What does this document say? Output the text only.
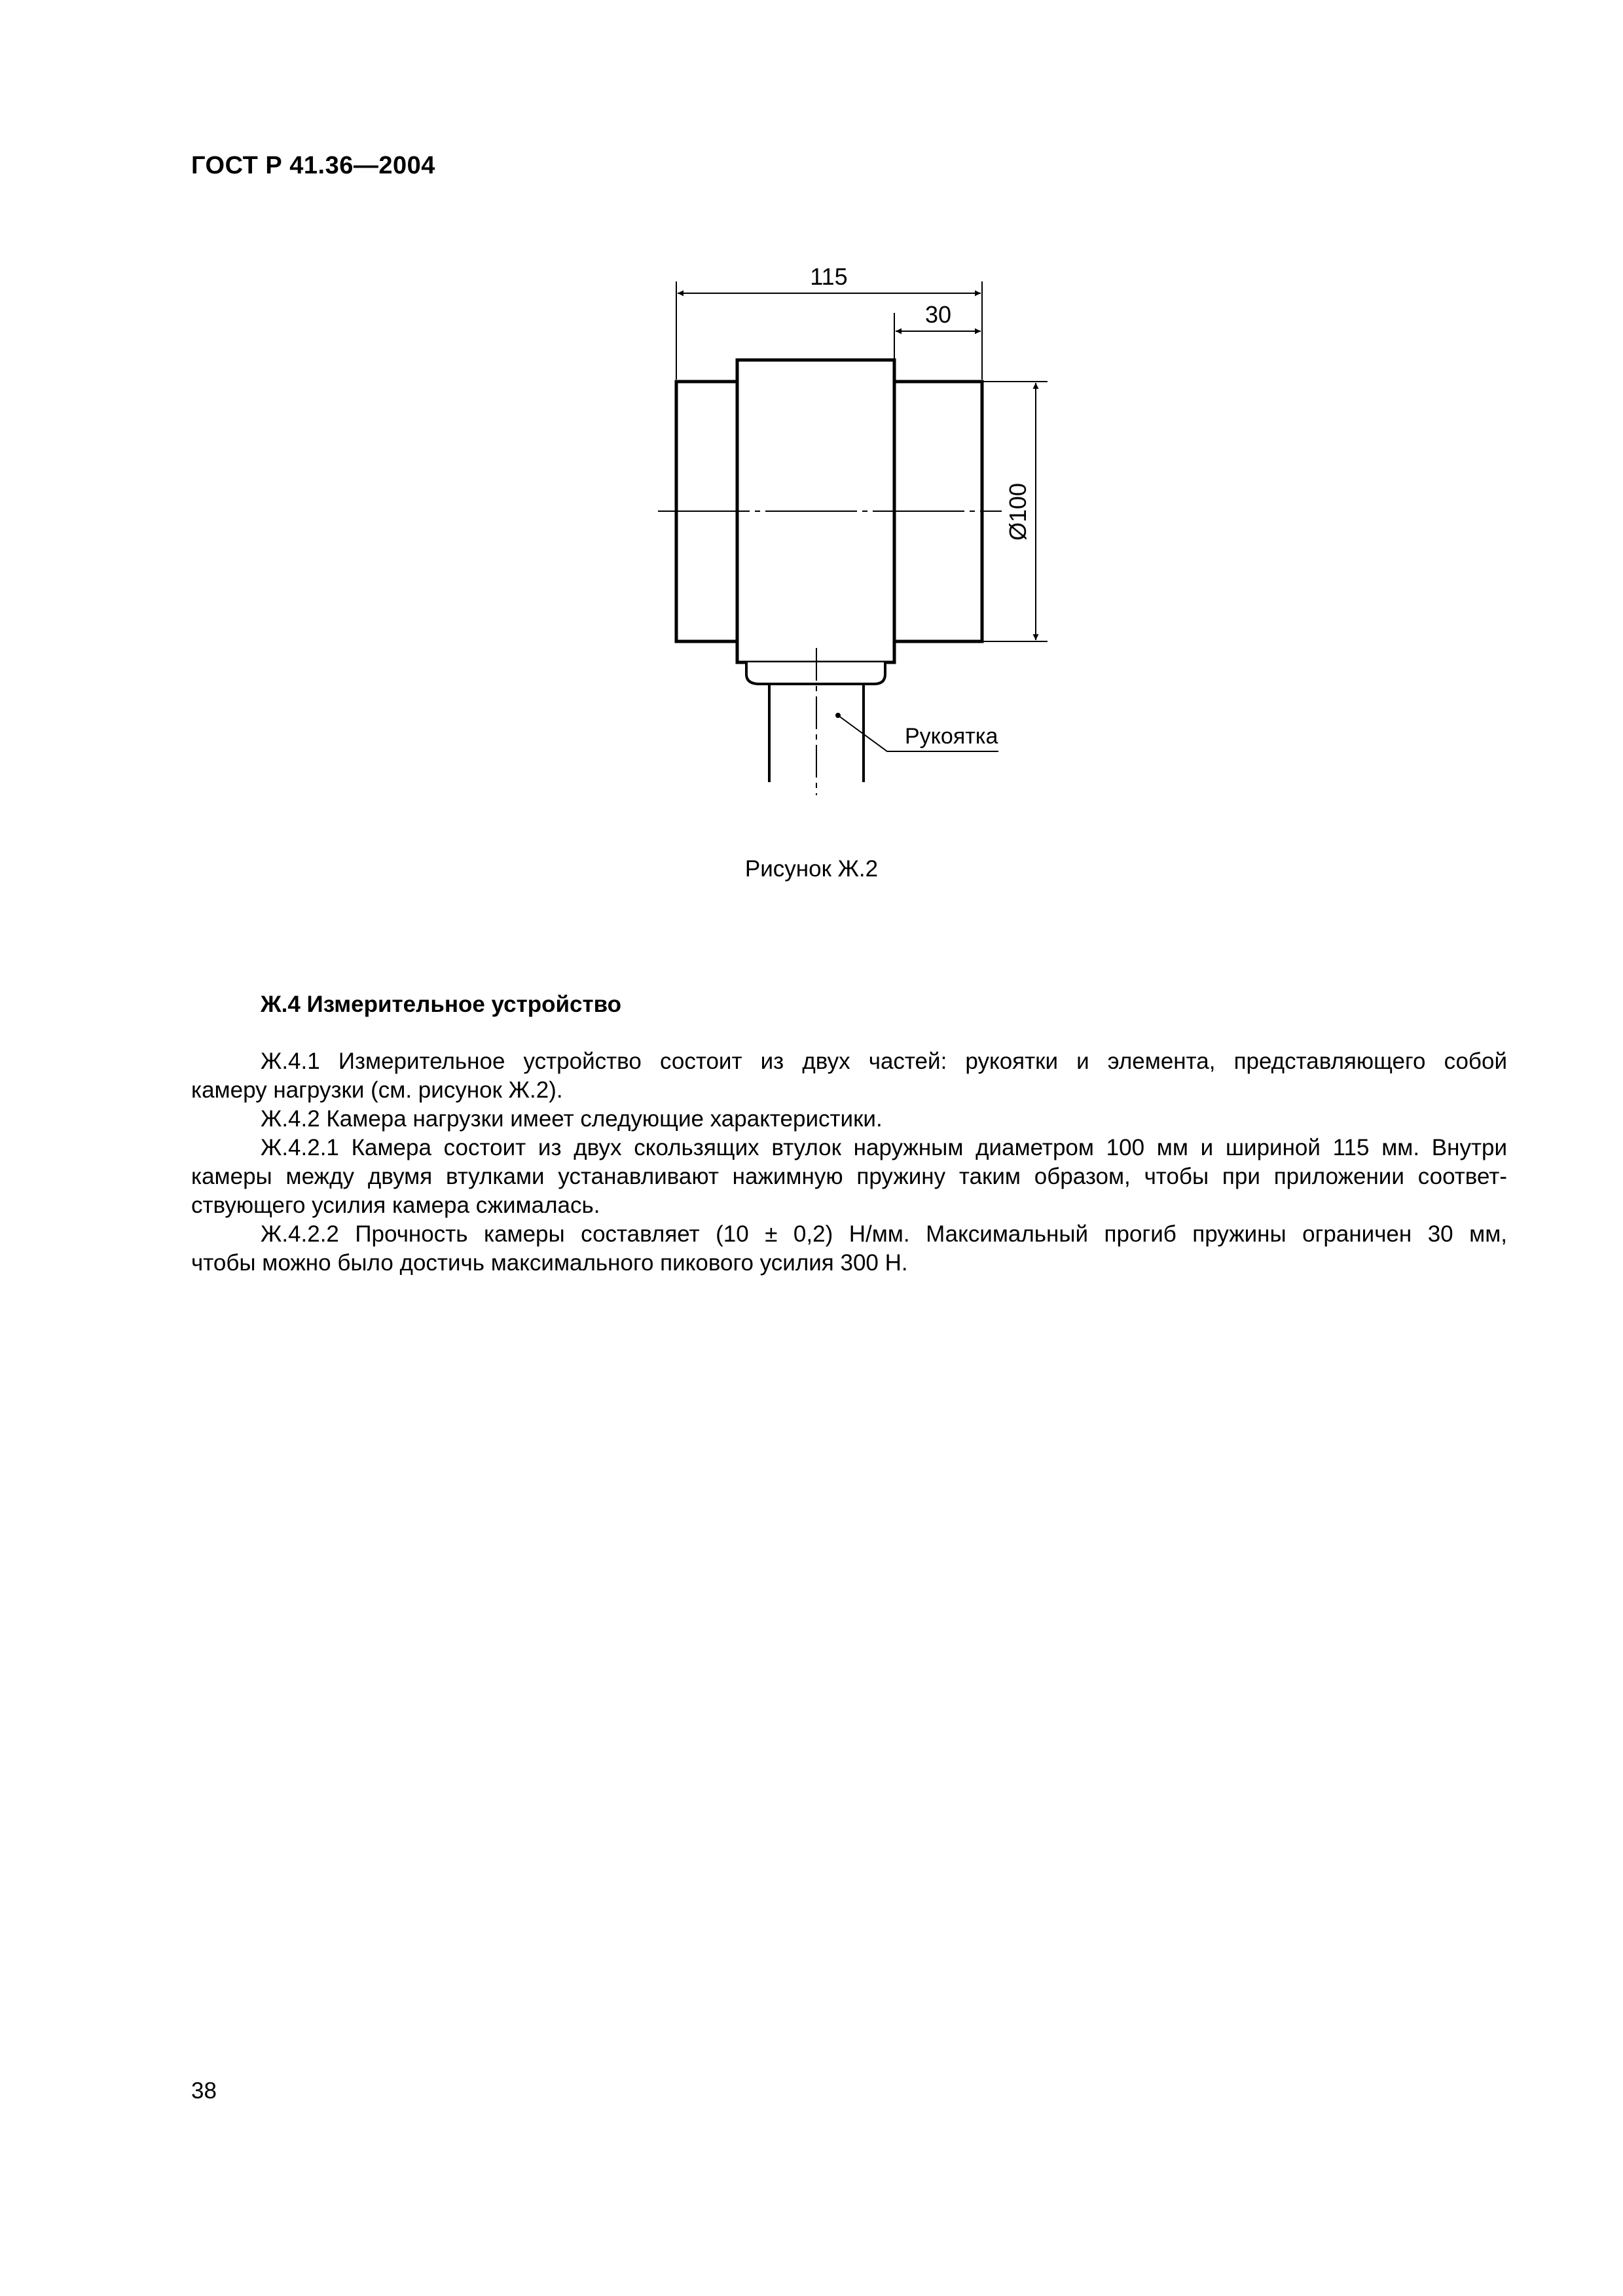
ГОСТ Р 41.36—2004
115
30
Ø100
Рукоятка
Рисунок Ж.2
Ж.4 Измерительное устройство

Ж.4.1 Измерительное устройство состоит из двух частей: рукоятки и элемента, представляющего собой
камеру нагрузки (см. рисунок Ж.2).

Ж.4.2 Камера нагрузки имеет следующие характеристики.

Ж.4.2.1 Камера состоит из двух скользящих втулок наружным диаметром 100 мм и шириной 115 мм. Внутри
камеры между двумя втулками устанавливают нажимную пружину таким образом, чтобы при приложении соответ-
ствующего усилия камера сжималась.

Ж.4.2.2 Прочность камеры составляет (10 ± 0,2) Н/мм. Максимальный прогиб пружины ограничен 30 мм,
чтобы можно было достичь максимального пикового усилия 300 Н.

38
